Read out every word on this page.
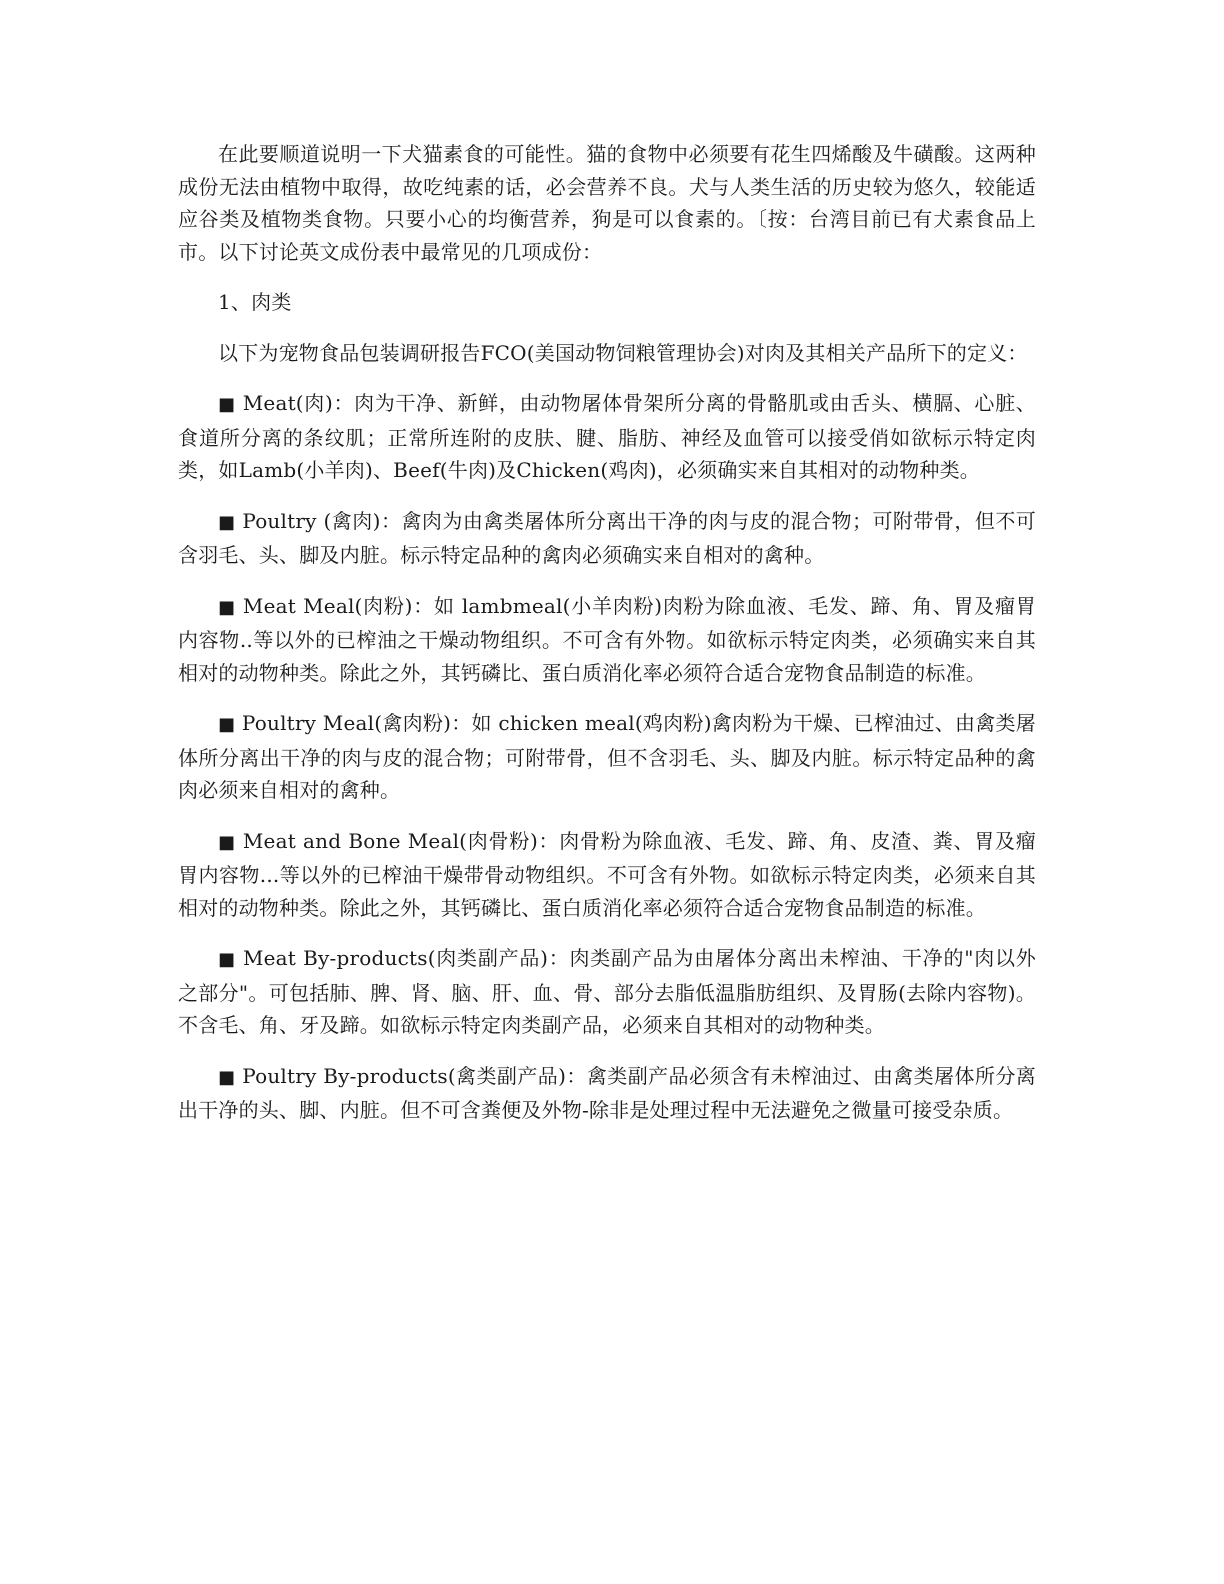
在此要顺道说明一下犬猫素食的可能性。猫的食物中必须要有花生四烯酸及牛磺酸。这两种成份无法由植物中取得，故吃纯素的话，必会营养不良。犬与人类生活的历史较为悠久，较能适应谷类及植物类食物。只要小心的均衡营养，狗是可以食素的。〔按：台湾目前已有犬素食品上市。以下讨论英文成份表中最常见的几项成份：

1、肉类

以下为宠物食品包装调研报告FCO(美国动物饲粮管理协会)对肉及其相关产品所下的定义：

■ Meat(肉)：肉为干净、新鲜，由动物屠体骨架所分离的骨骼肌或由舌头、横膈、心脏、食道所分离的条纹肌；正常所连附的皮肤、腱、脂肪、神经及血管可以接受俏如欲标示特定肉类，如Lamb(小羊肉)、Beef(牛肉)及Chicken(鸡肉)，必须确实来自其相对的动物种类。

■ Poultry (禽肉)：禽肉为由禽类屠体所分离出干净的肉与皮的混合物；可附带骨，但不可含羽毛、头、脚及内脏。标示特定品种的禽肉必须确实来自相对的禽种。

■ Meat Meal(肉粉)：如 lambmeal(小羊肉粉)肉粉为除血液、毛发、蹄、角、胃及瘤胃内容物..等以外的已榨油之干燥动物组织。不可含有外物。如欲标示特定肉类，必须确实来自其相对的动物种类。除此之外，其钙磷比、蛋白质消化率必须符合适合宠物食品制造的标准。

■ Poultry Meal(禽肉粉)：如 chicken meal(鸡肉粉)禽肉粉为干燥、已榨油过、由禽类屠体所分离出干净的肉与皮的混合物；可附带骨，但不含羽毛、头、脚及内脏。标示特定品种的禽肉必须来自相对的禽种。

■ Meat and Bone Meal(肉骨粉)：肉骨粉为除血液、毛发、蹄、角、皮渣、粪、胃及瘤胃内容物...等以外的已榨油干燥带骨动物组织。不可含有外物。如欲标示特定肉类，必须来自其相对的动物种类。除此之外，其钙磷比、蛋白质消化率必须符合适合宠物食品制造的标准。

■ Meat By-products(肉类副产品)：肉类副产品为由屠体分离出未榨油、干净的"肉以外之部分"。可包括肺、脾、肾、脑、肝、血、骨、部分去脂低温脂肪组织、及胃肠(去除内容物)。不含毛、角、牙及蹄。如欲标示特定肉类副产品，必须来自其相对的动物种类。

■ Poultry By-products(禽类副产品)：禽类副产品必须含有未榨油过、由禽类屠体所分离出干净的头、脚、内脏。但不可含粪便及外物-除非是处理过程中无法避免之微量可接受杂质。
